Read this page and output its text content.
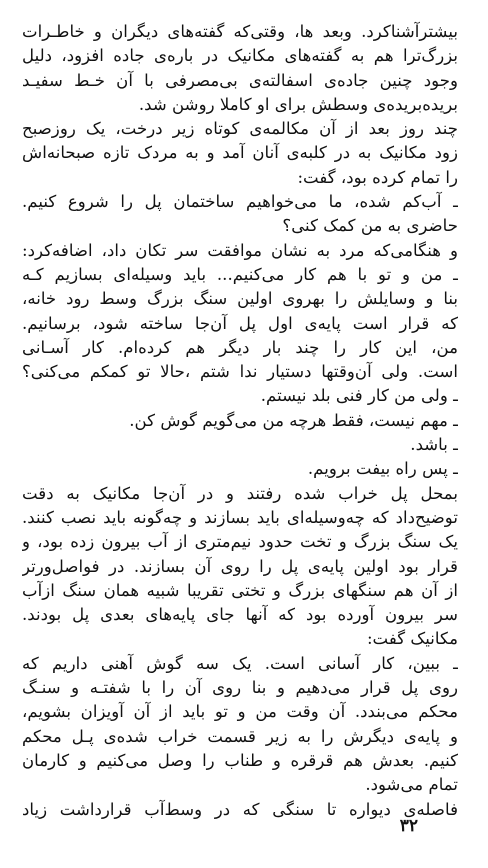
بیشترآشناکرد. وبعد ها، وقتی‌که گفته‌های دیگران و خاطـرات
بزرگ‌ترا هم به گفته‌های مکانیک در باره‌ی جاده افزود، دلیل
وجود چنین جاده‌ی اسفالته‌ی بی‌مصرفی با آن خـط سفیـد
بریده‌بریده‌ی وسطش برای او کاملا روشن شد.
چند روز بعد از آن مکالمه‌ی کوتاه زیر درخت، یک روزصبح
زود مکانیک به در کلبه‌ی آنان آمد و به مردک تازه صبحانه‌اش
را تمام کرده بود، گفت:
ـ آب‌کم شده، ما می‌خواهیم ساختمان پل را شروع کنیم.
حاضری به من کمک کنی؟
و هنگامی‌که مرد به نشان موافقت سر تکان داد، اضافه‌کرد:
ـ من و تو با هم کار می‌کنیم... باید وسیله‌ای بسازیم کـه
بنا و وسایلش را بهروی اولین سنگ بزرگ وسط رود خانه،
که قرار است پایه‌ی اول پل آن‌جا ساخته شود، برسانیم.
من، این کار را چند بار دیگر هم کرده‌ام. کار آسـانی
است. ولی آن‌وقتها دستیار ندا شتم ،حالا تو کمکم می‌کنی؟
ـ ولی من کار فنی بلد نیستم.
ـ مهم نیست، فقط هرچه من می‌گویم گوش کن.
ـ باشد.
ـ پس راه بیفت برویم.
بمحل پل خراب شده رفتند و در آن‌جا مکانیک به دقت
توضیح‌داد که چه‌وسیله‌ای باید بسازند و چه‌گونه باید نصب کنند.
یک سنگ بزرگ و تخت حدود نیم‌متری از آب بیرون زده بود، و
قرار بود اولین پایه‌ی پل را روی آن بسازند. در فواصل‌ورتر
از آن هم سنگهای بزرگ و تختی تقریبا شبیه همان سنگ ازآب
سر بیرون آورده بود که آنها جای پایه‌های بعدی پل بودند.
مکانیک گفت:
ـ ببین، کار آسانی است. یک سه گوش آهنی داریم که
روی پل قرار می‌دهیم و بنا روی آن را با شفتـه و سنـگ
محکم می‌بندد. آن وقت من و تو باید از آن آویزان بشویم،
و پایه‌ی دیگرش را به زیر قسمت خراب شده‌ی پـل محکم
کنیم. بعدش هم قرقره و طناب را وصل می‌کنیم و کارمان
تمام می‌شود.
فاصله‌ی دیواره تا سنگی که در وسط‌آب قرارداشت زیاد
۳۲
